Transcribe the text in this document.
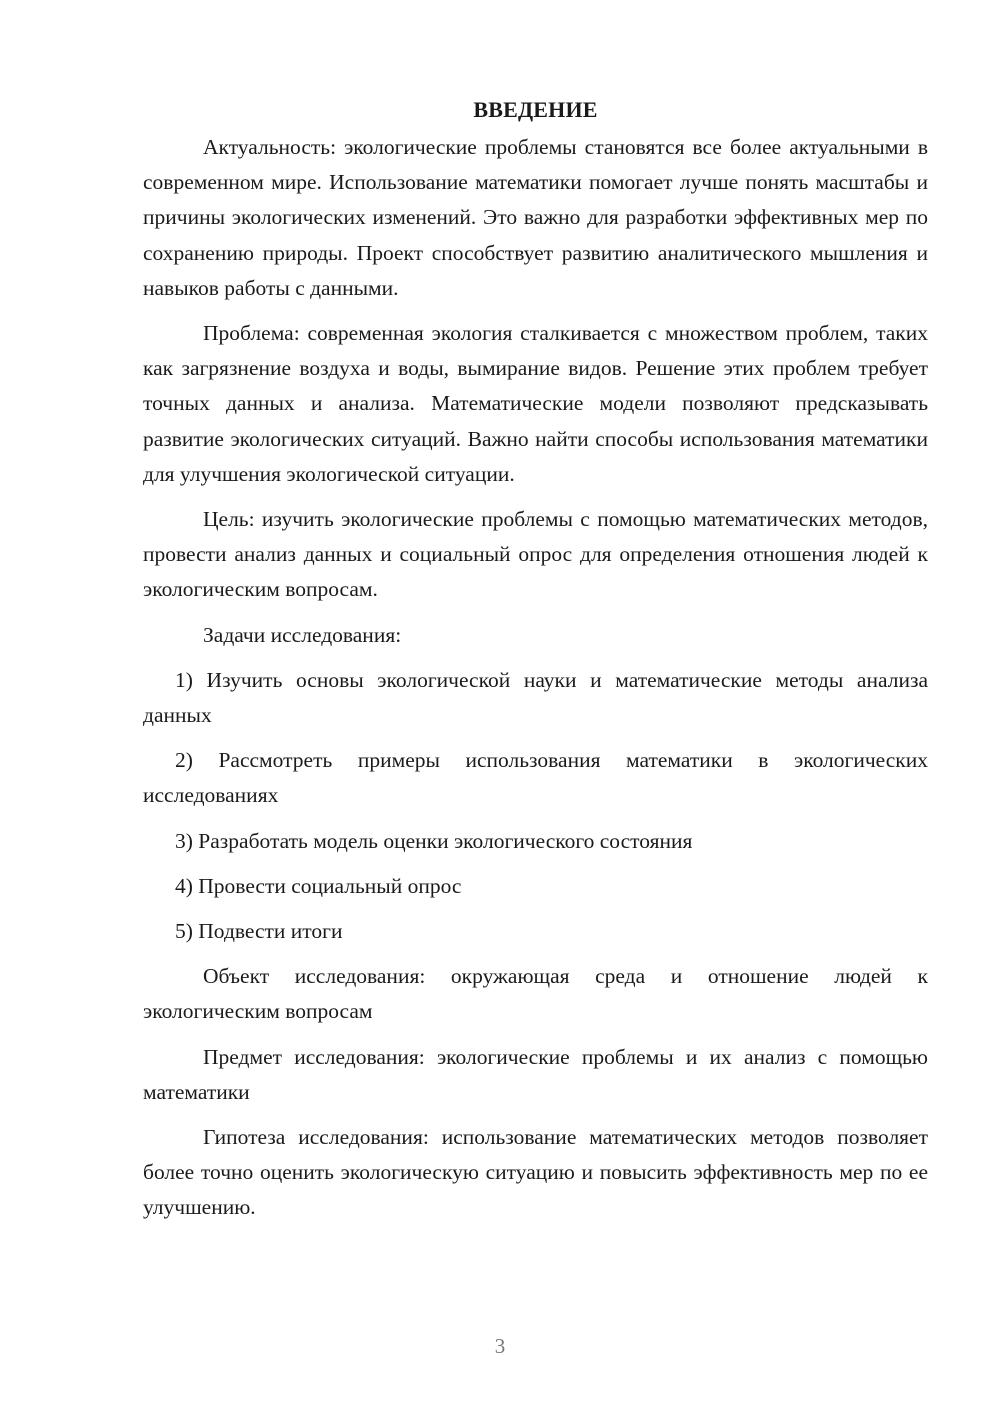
ВВЕДЕНИЕ

Актуальность: экологические проблемы становятся все более актуальными в современном мире. Использование математики помогает лучше понять масштабы и причины экологических изменений. Это важно для разработки эффективных мер по сохранению природы. Проект способствует развитию аналитического мышления и навыков работы с данными.

Проблема: современная экология сталкивается с множеством проблем, таких как загрязнение воздуха и воды, вымирание видов. Решение этих проблем требует точных данных и анализа. Математические модели позволяют предсказывать развитие экологических ситуаций. Важно найти способы использования математики для улучшения экологической ситуации.

Цель: изучить экологические проблемы с помощью математических методов, провести анализ данных и социальный опрос для определения отношения людей к экологическим вопросам.

Задачи исследования:

1) Изучить основы экологической науки и математические методы анализа данных

2) Рассмотреть примеры использования математики в экологических исследованиях

3) Разработать модель оценки экологического состояния

4) Провести социальный опрос

5) Подвести итоги

Объект исследования: окружающая среда и отношение людей к экологическим вопросам

Предмет исследования: экологические проблемы и их анализ с помощью математики

Гипотеза исследования: использование математических методов позволяет более точно оценить экологическую ситуацию и повысить эффективность мер по ее улучшению.

3
